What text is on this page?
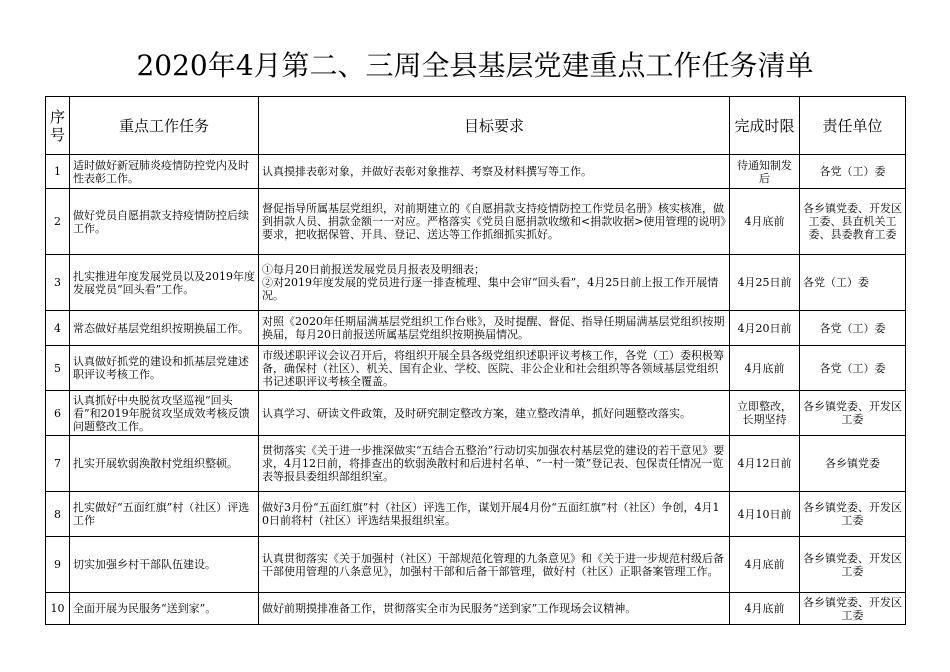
2020年4月第二、三周全县基层党建重点工作任务清单
序号	重点工作任务	目标要求	完成时限	责任单位
1	适时做好新冠肺炎疫情防控党内及时性表彰工作。	认真摸排表彰对象，并做好表彰对象推荐、考察及材料撰写等工作。	待通知制发后	各党（工）委
2	做好党员自愿捐款支持疫情防控后续工作。	督促指导所属基层党组织，对前期建立的《自愿捐款支持疫情防控工作党员名册》核实核准，做到捐款人员、捐款金额一一对应。严格落实《党员自愿捐款收缴和<捐款收据>使用管理的说明》要求，把收据保管、开具、登记、送达等工作抓细抓实抓好。	4月底前	各乡镇党委、开发区工委、县直机关工委、县委教育工委
3	扎实推进年度发展党员以及2019年度发展党员“回头看”工作。	①每月20日前报送发展党员月报表及明细表；
②对2019年度发展的党员进行逐一排查梳理、集中会审“回头看”，4月25日前上报工作开展情况。	4月25日前	各党（工）委
4	常态做好基层党组织按期换届工作。	对照《2020年任期届满基层党组织工作台账》，及时提醒、督促、指导任期届满基层党组织按期换届，每月20日前报送所属基层党组织按期换届情况。	4月20日前	各党（工）委
5	认真做好抓党的建设和抓基层党建述职评议考核工作。	市级述职评议会议召开后，将组织开展全县各级党组织述职评议考核工作，各党（工）委积极筹备，确保村（社区）、机关、国有企业、学校、医院、非公企业和社会组织等各领域基层党组织书记述职评议考核全覆盖。	4月底前	各党（工）委
6	认真抓好中央脱贫攻坚巡视“回头看”和2019年脱贫攻坚成效考核反馈问题整改工作。	认真学习、研读文件政策，及时研究制定整改方案，建立整改清单，抓好问题整改落实。	立即整改，长期坚持	各乡镇党委、开发区工委
7	扎实开展软弱涣散村党组织整顿。	贯彻落实《关于进一步推深做实“五结合五整治”行动切实加强农村基层党的建设的若干意见》要求，4月12日前，将排查出的软弱涣散村和后进村名单、“一村一策”登记表、包保责任情况一览表等报县委组织部组织室。	4月12日前	各乡镇党委
8	扎实做好“五面红旗”村（社区）评选工作	做好3月份“五面红旗”村（社区）评选工作，谋划开展4月份“五面红旗”村（社区）争创，4月10日前将村（社区）评选结果报组织室。	4月10日前	各乡镇党委、开发区工委
9	切实加强乡村干部队伍建设。	认真贯彻落实《关于加强村（社区）干部规范化管理的九条意见》和《关于进一步规范村级后备干部使用管理的八条意见》，加强村干部和后备干部管理，做好村（社区）正职备案管理工作。	4月底前	各乡镇党委、开发区工委
10	全面开展为民服务“送到家”。	做好前期摸排准备工作，贯彻落实全市为民服务“送到家”工作现场会议精神。	4月底前	各乡镇党委、开发区工委
